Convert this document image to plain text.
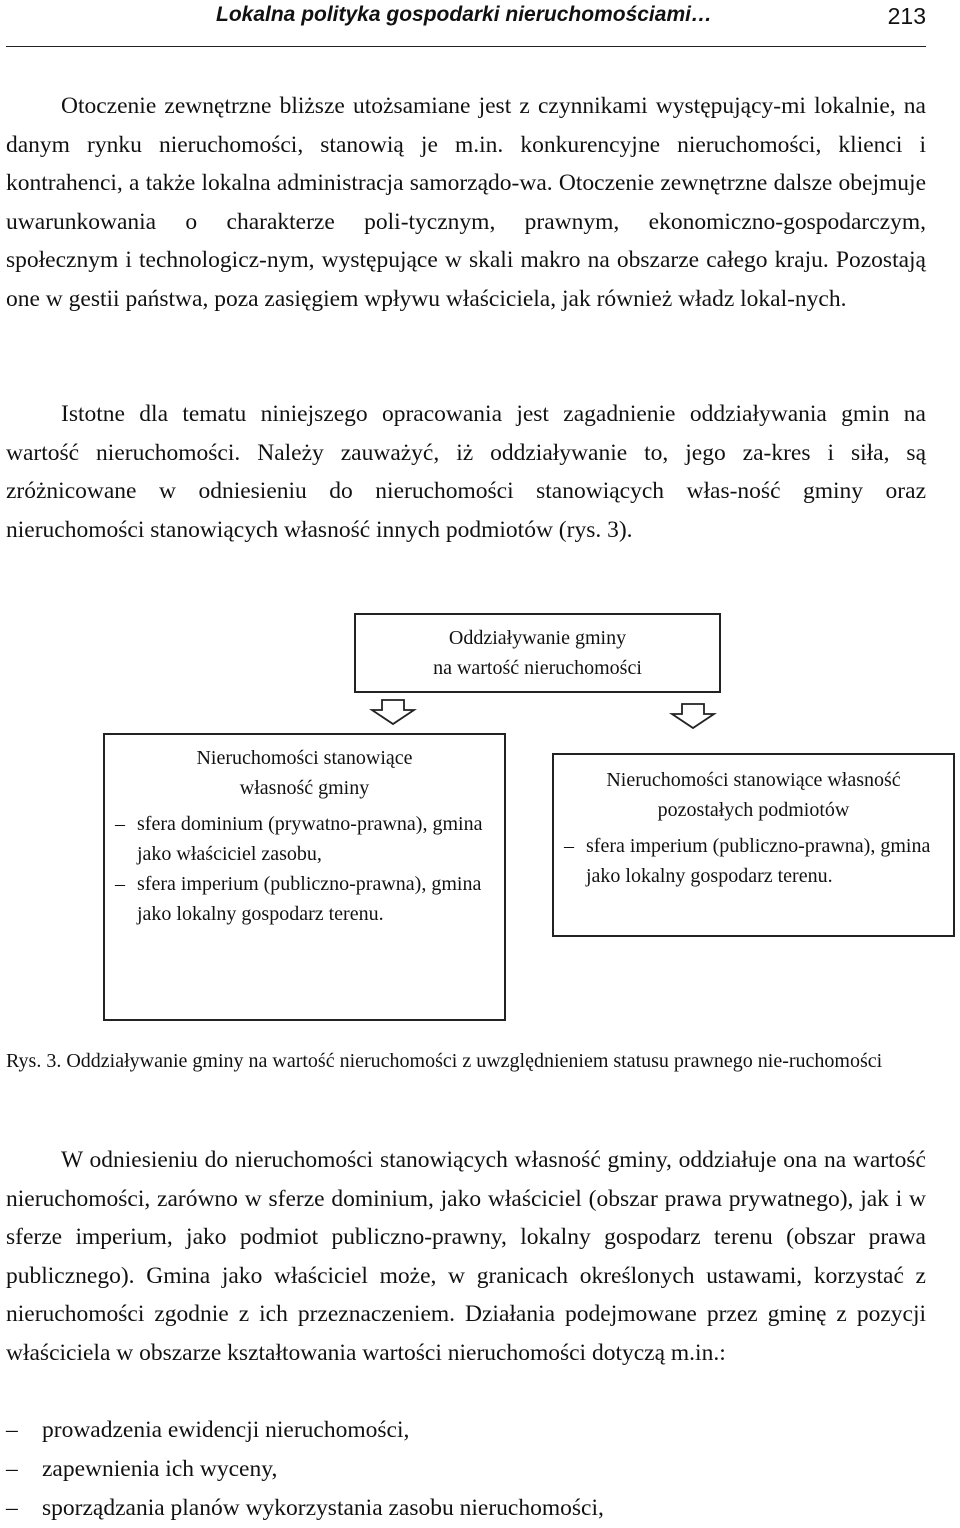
Lokalna polityka gospodarki nieruchomościami…	213

Otoczenie zewnętrzne bliższe utożsamiane jest z czynnikami występujący-mi lokalnie, na danym rynku nieruchomości, stanowią je m.in. konkurencyjne nieruchomości, klienci i kontrahenci, a także lokalna administracja samorządo-wa. Otoczenie zewnętrzne dalsze obejmuje uwarunkowania o charakterze poli-tycznym, prawnym, ekonomiczno-gospodarczym, społecznym i technologicz-nym, występujące w skali makro na obszarze całego kraju. Pozostają one w gestii państwa, poza zasięgiem wpływu właściciela, jak również władz lokal-nych.

Istotne dla tematu niniejszego opracowania jest zagadnienie oddziaływania gmin na wartość nieruchomości. Należy zauważyć, iż oddziaływanie to, jego za-kres i siła, są zróżnicowane w odniesieniu do nieruchomości stanowiących włas-ność gminy oraz nieruchomości stanowiących własność innych podmiotów (rys. 3).

Oddziaływanie gminy
na wartość nieruchomości
Nieruchomości stanowiące
własność gminy
– sfera dominium (prywatno-prawna), gmina jako właściciel zasobu,
– sfera imperium (publiczno-prawna), gmina jako lokalny gospodarz terenu.
Nieruchomości stanowiące własność
pozostałych podmiotów
– sfera imperium (publiczno-prawna), gmina jako lokalny gospodarz terenu.
Rys. 3. Oddziaływanie gminy na wartość nieruchomości z uwzględnieniem statusu prawnego nie-ruchomości

W odniesieniu do nieruchomości stanowiących własność gminy, oddziałuje ona na wartość nieruchomości, zarówno w sferze dominium, jako właściciel (obszar prawa prywatnego), jak i w sferze imperium, jako podmiot publiczno-prawny, lokalny gospodarz terenu (obszar prawa publicznego). Gmina jako właściciel może, w granicach określonych ustawami, korzystać z nieruchomości zgodnie z ich przeznaczeniem. Działania podejmowane przez gminę z pozycji właściciela w obszarze kształtowania wartości nieruchomości dotyczą m.in.:

– prowadzenia ewidencji nieruchomości,
– zapewnienia ich wyceny,
– sporządzania planów wykorzystania zasobu nieruchomości,
